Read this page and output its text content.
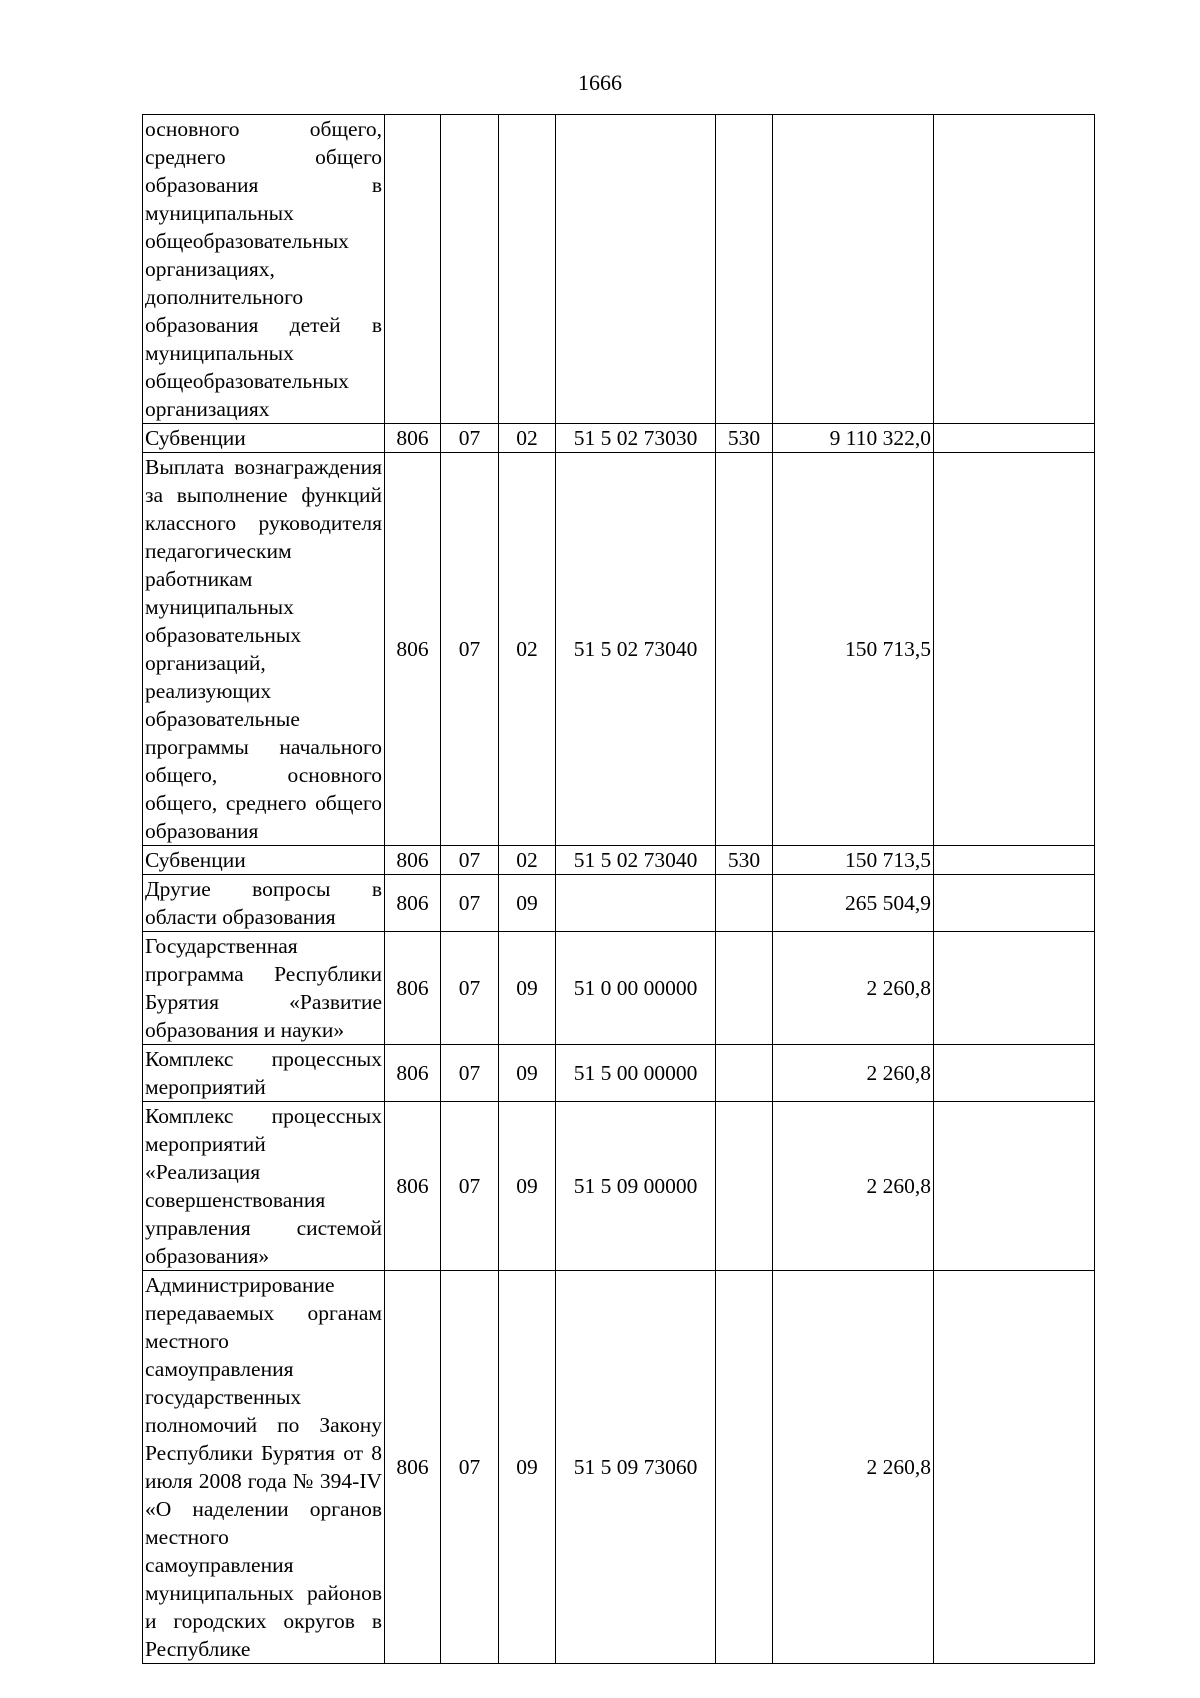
1666
основного общего, среднего общего образования в муниципальных общеобразовательных организациях, дополнительного образования детей в муниципальных общеобразовательных организациях							
Субвенции	806	07	02	51 5 02 73030	530	9 110 322,0	
Выплата вознаграждения за выполнение функций классного руководителя педагогическим работникам муниципальных образовательных организаций, реализующих образовательные программы начального общего, основного общего, среднего общего образования	806	07	02	51 5 02 73040		150 713,5	
Субвенции	806	07	02	51 5 02 73040	530	150 713,5	
Другие вопросы в области образования	806	07	09			265 504,9	
Государственная программа Республики Бурятия «Развитие образования и науки»	806	07	09	51 0 00 00000		2 260,8	
Комплекс процессных мероприятий	806	07	09	51 5 00 00000		2 260,8	
Комплекс процессных мероприятий «Реализация совершенствования управления системой образования»	806	07	09	51 5 09 00000		2 260,8	
Администрирование передаваемых органам местного самоуправления государственных полномочий по Закону Республики Бурятия от 8 июля 2008 года № 394-IV «О наделении органов местного самоуправления муниципальных районов и городских округов в Республике	806	07	09	51 5 09 73060		2 260,8	
